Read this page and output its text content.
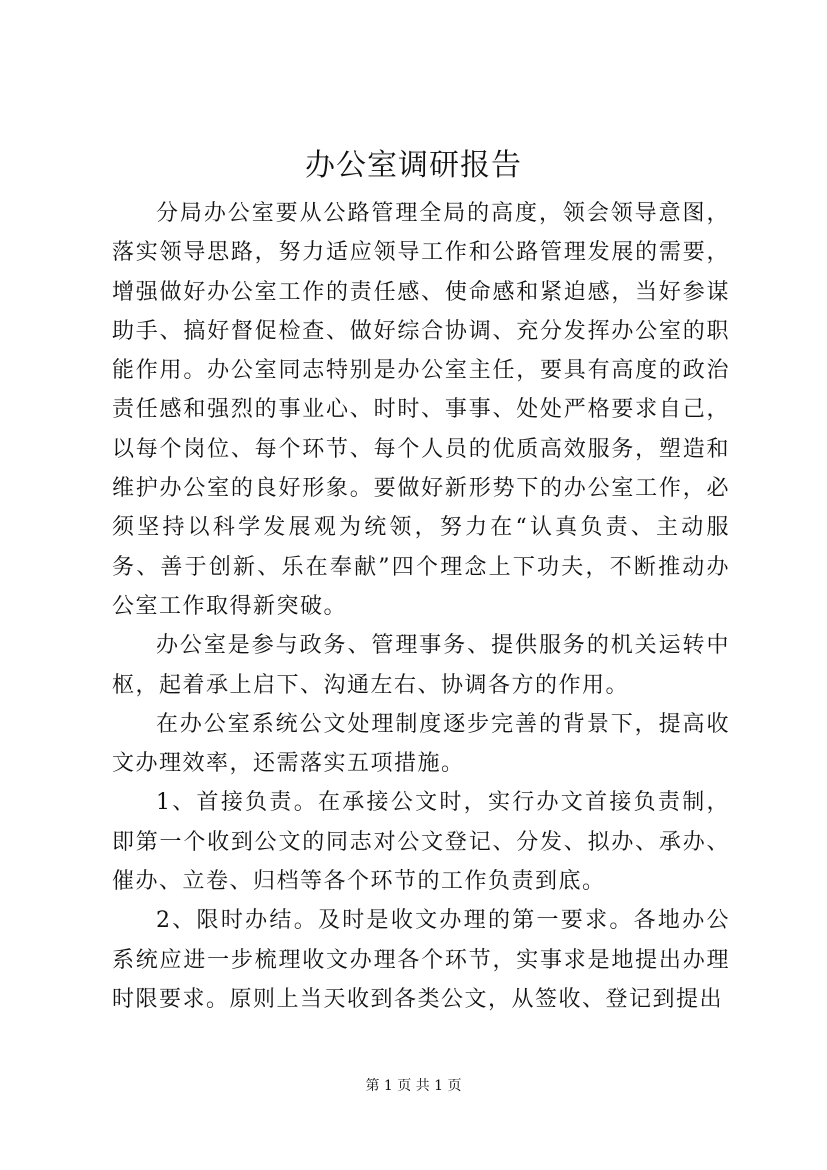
办公室调研报告

分局办公室要从公路管理全局的高度，领会领导意图，落实领导思路，努力适应领导工作和公路管理发展的需要，增强做好办公室工作的责任感、使命感和紧迫感，当好参谋助手、搞好督促检查、做好综合协调、充分发挥办公室的职能作用。办公室同志特别是办公室主任，要具有高度的政治责任感和强烈的事业心、时时、事事、处处严格要求自己，以每个岗位、每个环节、每个人员的优质高效服务，塑造和维护办公室的良好形象。要做好新形势下的办公室工作，必须坚持以科学发展观为统领，努力在“认真负责、主动服务、善于创新、乐在奉献”四个理念上下功夫，不断推动办公室工作取得新突破。

办公室是参与政务、管理事务、提供服务的机关运转中枢，起着承上启下、沟通左右、协调各方的作用。

在办公室系统公文处理制度逐步完善的背景下，提高收文办理效率，还需落实五项措施。

1、首接负责。在承接公文时，实行办文首接负责制，即第一个收到公文的同志对公文登记、分发、拟办、承办、催办、立卷、归档等各个环节的工作负责到底。

2、限时办结。及时是收文办理的第一要求。各地办公系统应进一步梳理收文办理各个环节，实事求是地提出办理时限要求。原则上当天收到各类公文，从签收、登记到提出

第 1 页 共 1 页
